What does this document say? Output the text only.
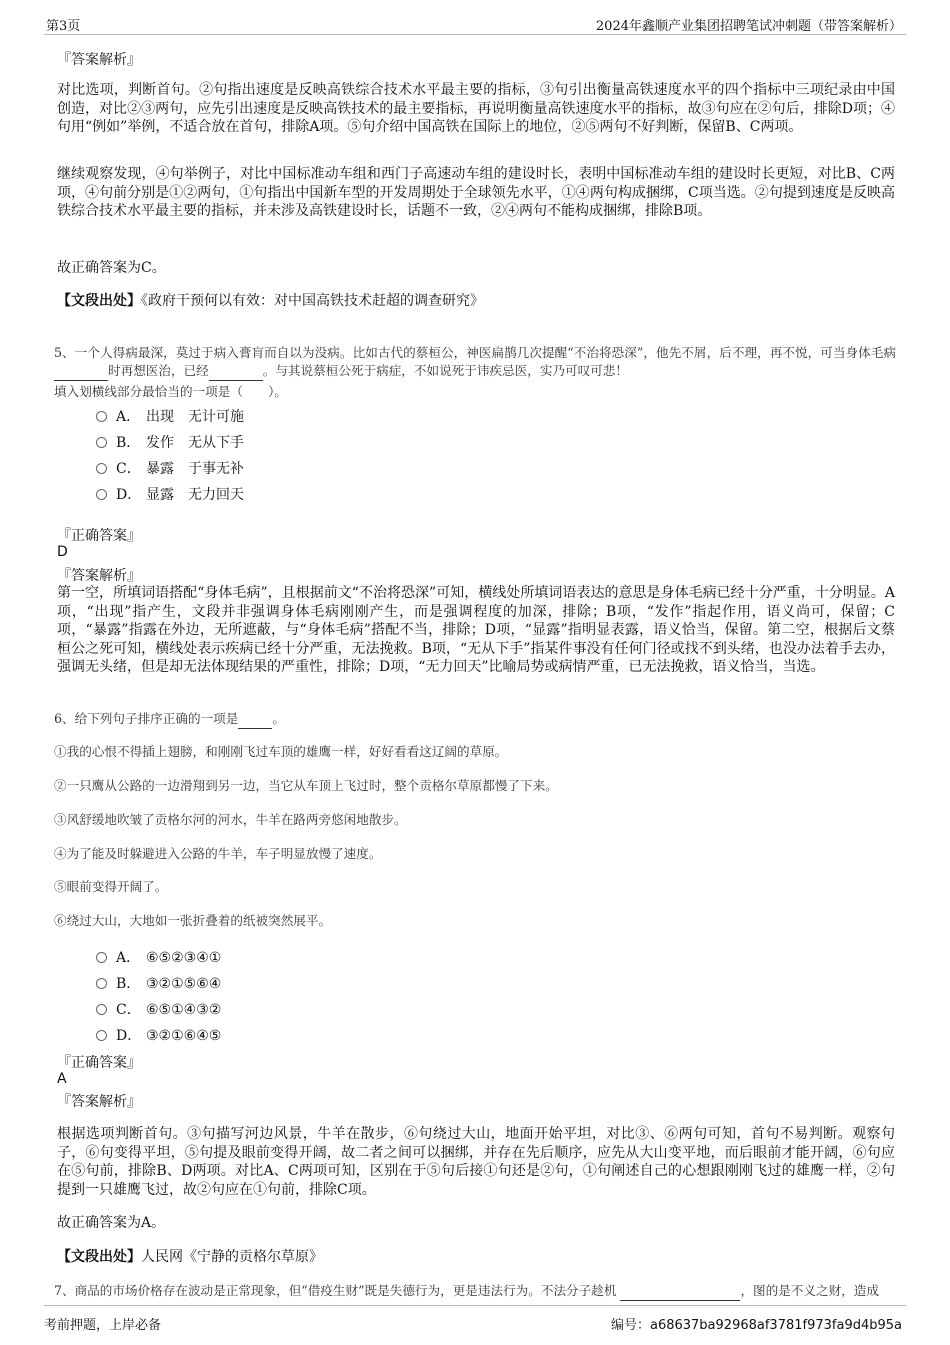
第3页	2024年鑫顺产业集团招聘笔试冲刺题（带答案解析）
『答案解析』
对比选项，判断首句。②句指出速度是反映高铁综合技术水平最主要的指标，③句引出衡量高铁速度水平的四个指标中三项纪录由中国创造，对比②③两句，应先引出速度是反映高铁技术的最主要指标，再说明衡量高铁速度水平的指标，故③句应在②句后，排除D项；④句用“例如”举例，不适合放在首句，排除A项。⑤句介绍中国高铁在国际上的地位，②⑤两句不好判断，保留B、C两项。
继续观察发现，④句举例子，对比中国标准动车组和西门子高速动车组的建设时长，表明中国标准动车组的建设时长更短，对比B、C两项，④句前分别是①②两句，①句指出中国新车型的开发周期处于全球领先水平，①④两句构成捆绑，C项当选。②句提到速度是反映高铁综合技术水平最主要的指标，并未涉及高铁建设时长，话题不一致，②④两句不能构成捆绑，排除B项。
故正确答案为C。
【文段出处】《政府干预何以有效：对中国高铁技术赶超的调查研究》
5、一个人得病最深，莫过于病入膏肓而自以为没病。比如古代的蔡桓公，神医扁鹊几次提醒“不治将恐深”，他先不屑，后不理，再不悦，可当身体毛病 时再想医治，已经	。与其说蔡桓公死于病症，不如说死于讳疾忌医，实乃可叹可悲！
填入划横线部分最恰当的一项是（　　）。
A． 出现　无计可施
B． 发作　无从下手
C． 暴露　于事无补
D． 显露　无力回天
『正确答案』
D
『答案解析』
第一空，所填词语搭配“身体毛病”，且根据前文“不治将恐深”可知，横线处所填词语表达的意思是身体毛病已经十分严重，十分明显。A项，“出现”指产生，文段并非强调身体毛病刚刚产生，而是强调程度的加深，排除；B项，“发作”指起作用，语义尚可，保留；C项，“暴露”指露在外边，无所遮蔽，与“身体毛病”搭配不当，排除；D项，“显露”指明显表露，语义恰当，保留。第二空，根据后文蔡桓公之死可知，横线处表示疾病已经十分严重，无法挽救。B项，“无从下手”指某件事没有任何门径或找不到头绪，也没办法着手去办，强调无头绪，但是却无法体现结果的严重性，排除；D项，“无力回天”比喻局势或病情严重，已无法挽救，语义恰当，当选。
6、给下列句子排序正确的一项是	。
①我的心恨不得插上翅膀，和刚刚飞过车顶的雄鹰一样，好好看看这辽阔的草原。
②一只鹰从公路的一边滑翔到另一边，当它从车顶上飞过时，整个贡格尔草原都慢了下来。
③风舒缓地吹皱了贡格尔河的河水，牛羊在路两旁悠闲地散步。
④为了能及时躲避进入公路的牛羊，车子明显放慢了速度。
⑤眼前变得开阔了。
⑥绕过大山，大地如一张折叠着的纸被突然展平。
A． ⑥⑤②③④①
B． ③②①⑤⑥④
C． ⑥⑤①④③②
D． ③②①⑥④⑤
『正确答案』
A
『答案解析』
根据选项判断首句。③句描写河边风景，牛羊在散步，⑥句绕过大山，地面开始平坦，对比③、⑥两句可知，首句不易判断。观察句子，⑥句变得平坦，⑤句提及眼前变得开阔，故二者之间可以捆绑，并存在先后顺序，应先从大山变平地，而后眼前才能开阔，⑥句应在⑤句前，排除B、D两项。对比A、C两项可知，区别在于⑤句后接①句还是②句，①句阐述自己的心想跟刚刚飞过的雄鹰一样，②句提到一只雄鹰飞过，故②句应在①句前，排除C项。
故正确答案为A。
【文段出处】人民网《宁静的贡格尔草原》
7、商品的市场价格存在波动是正常现象，但“借疫生财”既是失德行为，更是违法行为。不法分子趁机	，图的是不义之财，造成
考前押题，上岸必备	编号：a68637ba92968af3781f973fa9d4b95a
